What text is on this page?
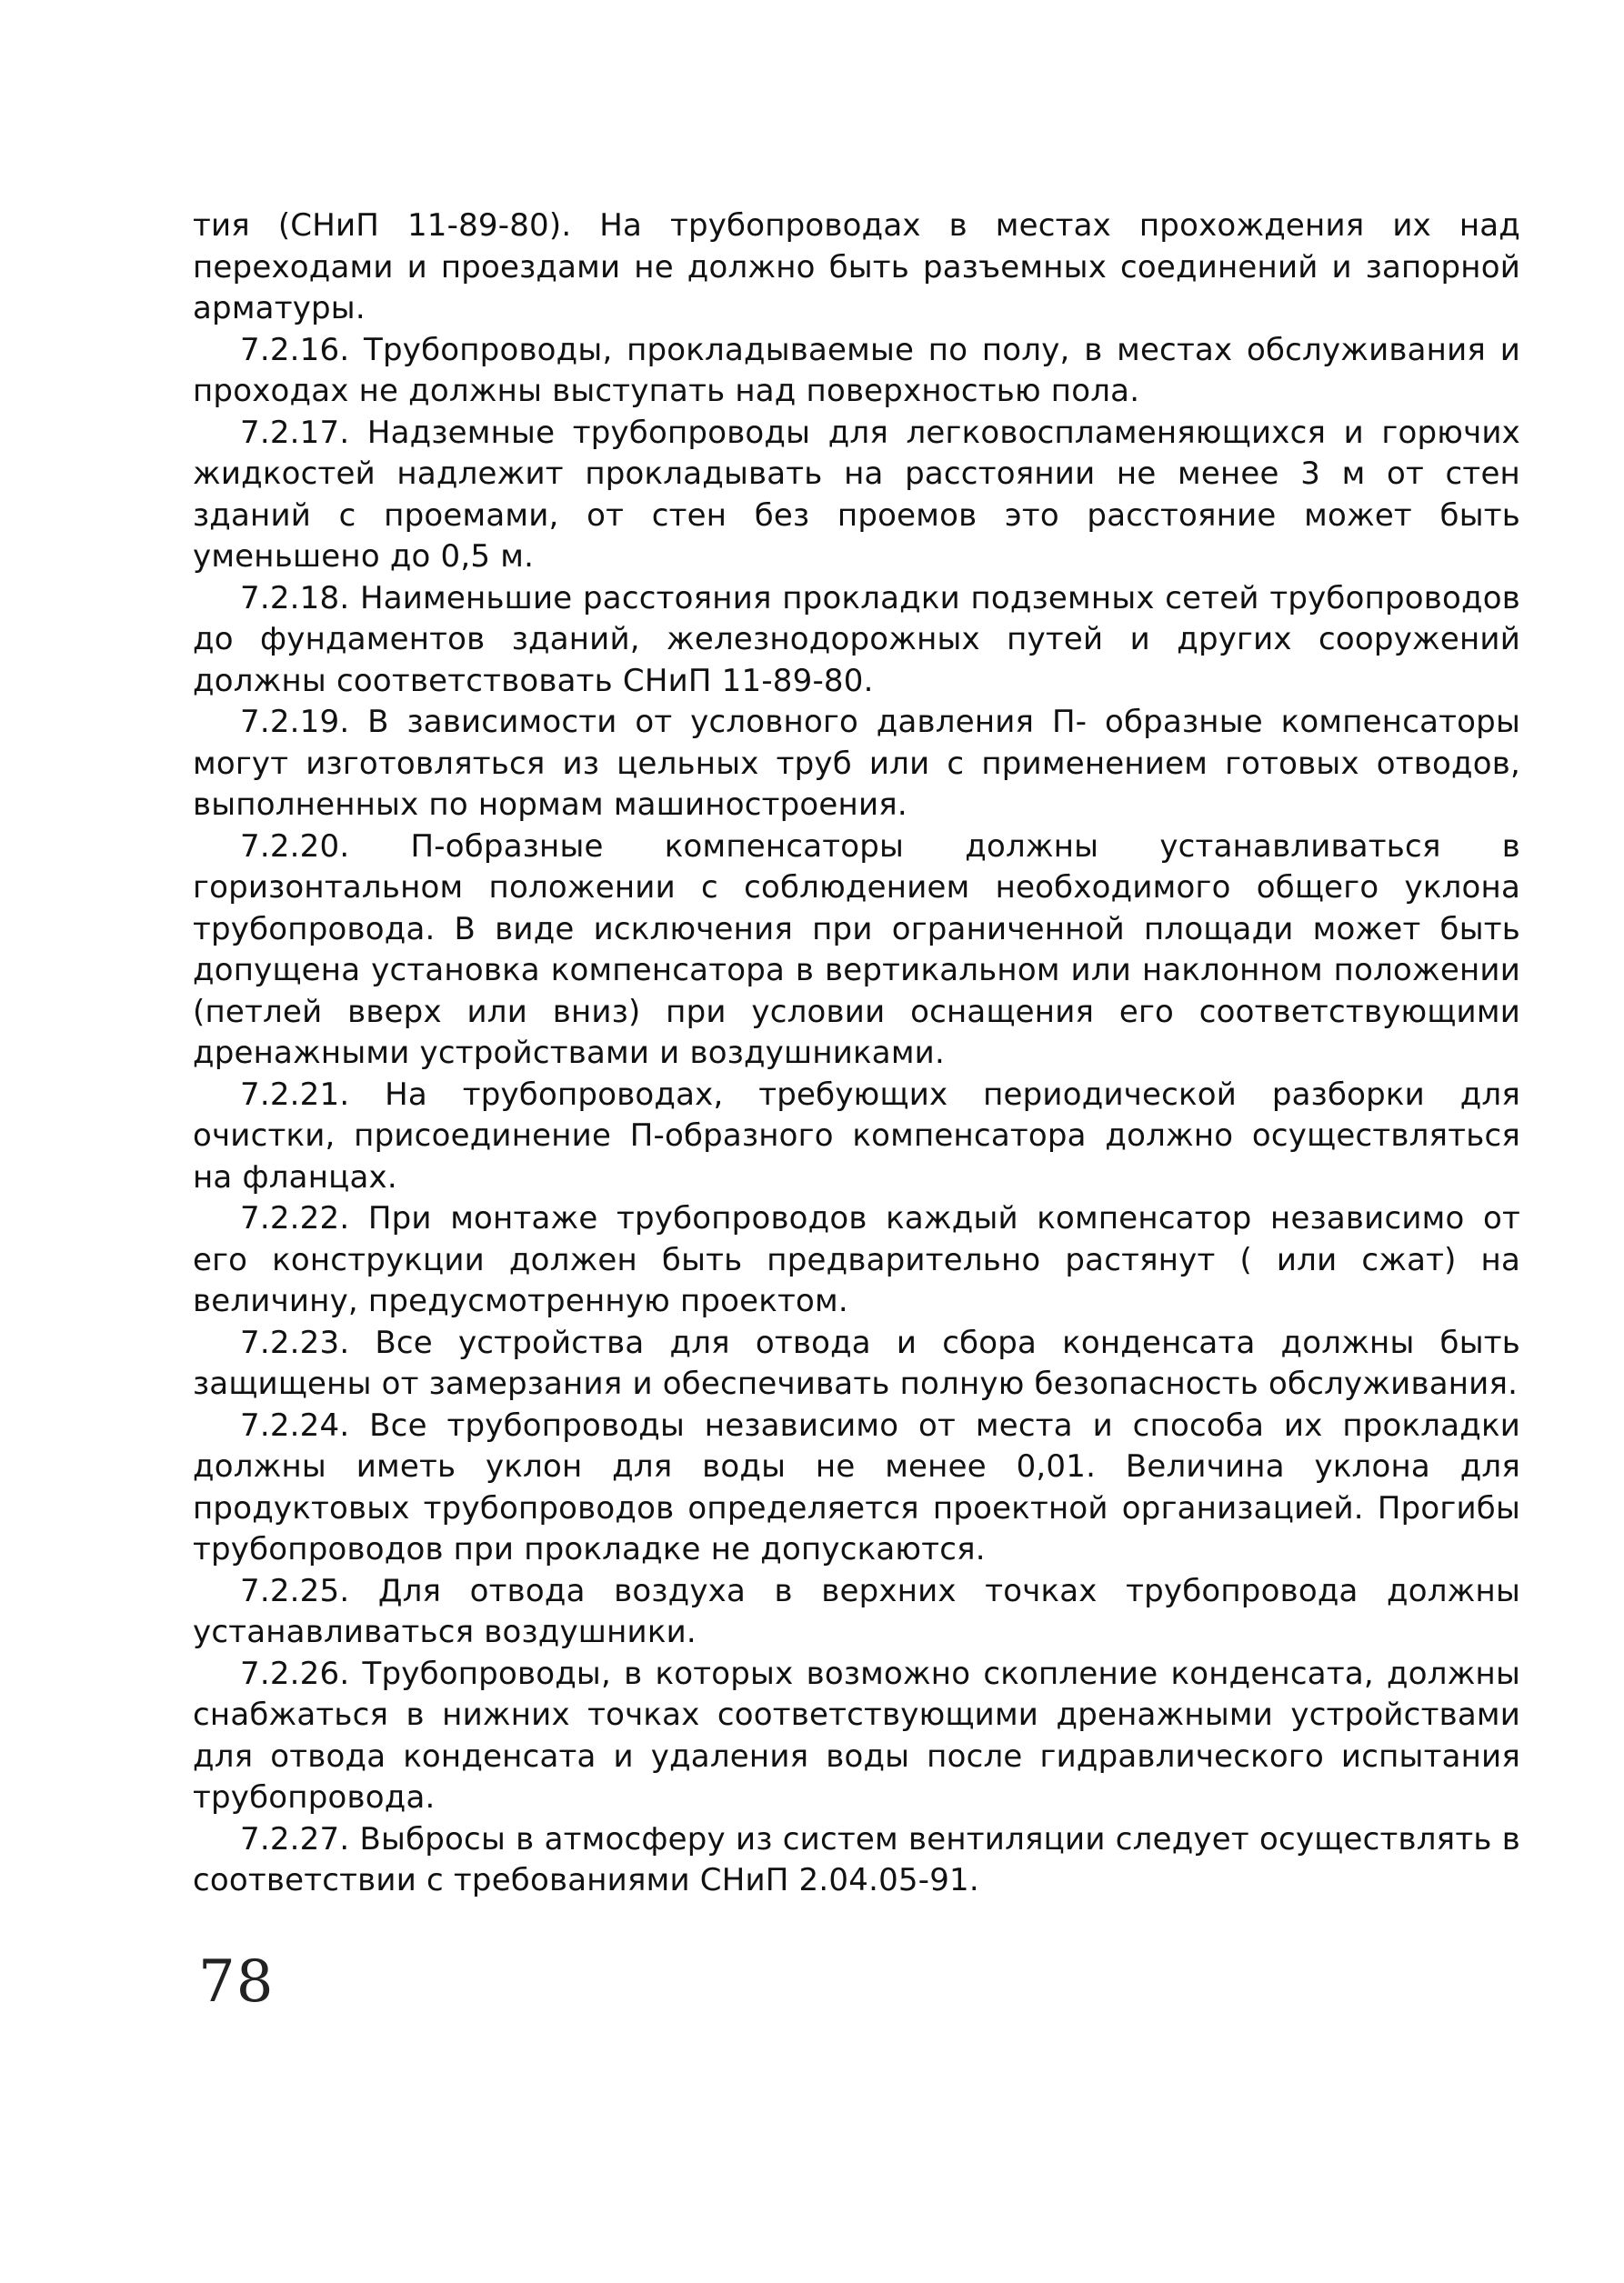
тия (СНиП 11-89-80). На трубопроводах в местах прохождения их над переходами и проездами не должно быть разъемных соединений и запорной арматуры.

7.2.16. Трубопроводы, прокладываемые по полу, в местах обслуживания и проходах не должны выступать над поверхностью пола.

7.2.17. Надземные трубопроводы для легковоспламеняющихся и горючих жидкостей надлежит прокладывать на расстоянии не менее 3 м от стен зданий с проемами, от стен без проемов это расстояние может быть уменьшено до 0,5 м.

7.2.18. Наименьшие расстояния прокладки подземных сетей трубопроводов до фундаментов зданий, железнодорожных путей и других сооружений должны соответствовать СНиП 11-89-80.

7.2.19. В зависимости от условного давления П- образные компенсаторы могут изготовляться из цельных труб или с применением готовых отводов, выполненных по нормам машиностроения.

7.2.20. П-образные компенсаторы должны устанавливаться в горизонтальном положении с соблюдением необходимого общего уклона трубопровода. В виде исключения при ограниченной площади может быть допущена установка компенсатора в вертикальном или наклонном положении (петлей вверх или вниз) при условии оснащения его соответствующими дренажными устройствами и воздушниками.

7.2.21. На трубопроводах, требующих периодической разборки для очистки, присоединение П-образного компенсатора должно осуществляться на фланцах.

7.2.22. При монтаже трубопроводов каждый компенсатор независимо от его конструкции должен быть предварительно растянут ( или сжат) на величину, предусмотренную проектом.

7.2.23. Все устройства для отвода и сбора конденсата должны быть защищены от замерзания и обеспечивать полную безопасность обслуживания.

7.2.24. Все трубопроводы независимо от места и способа их прокладки должны иметь уклон для воды не менее 0,01. Величина уклона для продуктовых трубопроводов определяется проектной организацией. Прогибы трубопроводов при прокладке не допускаются.

7.2.25. Для отвода воздуха в верхних точках трубопровода должны устанавливаться воздушники.

7.2.26. Трубопроводы, в которых возможно скопление конденсата, должны снабжаться в нижних точках соответствующими дренажными устройствами для отвода конденсата и удаления воды после гидравлического испытания трубопровода.

7.2.27. Выбросы в атмосферу из систем вентиляции следует осуществлять в соответствии с требованиями СНиП 2.04.05-91.

78
